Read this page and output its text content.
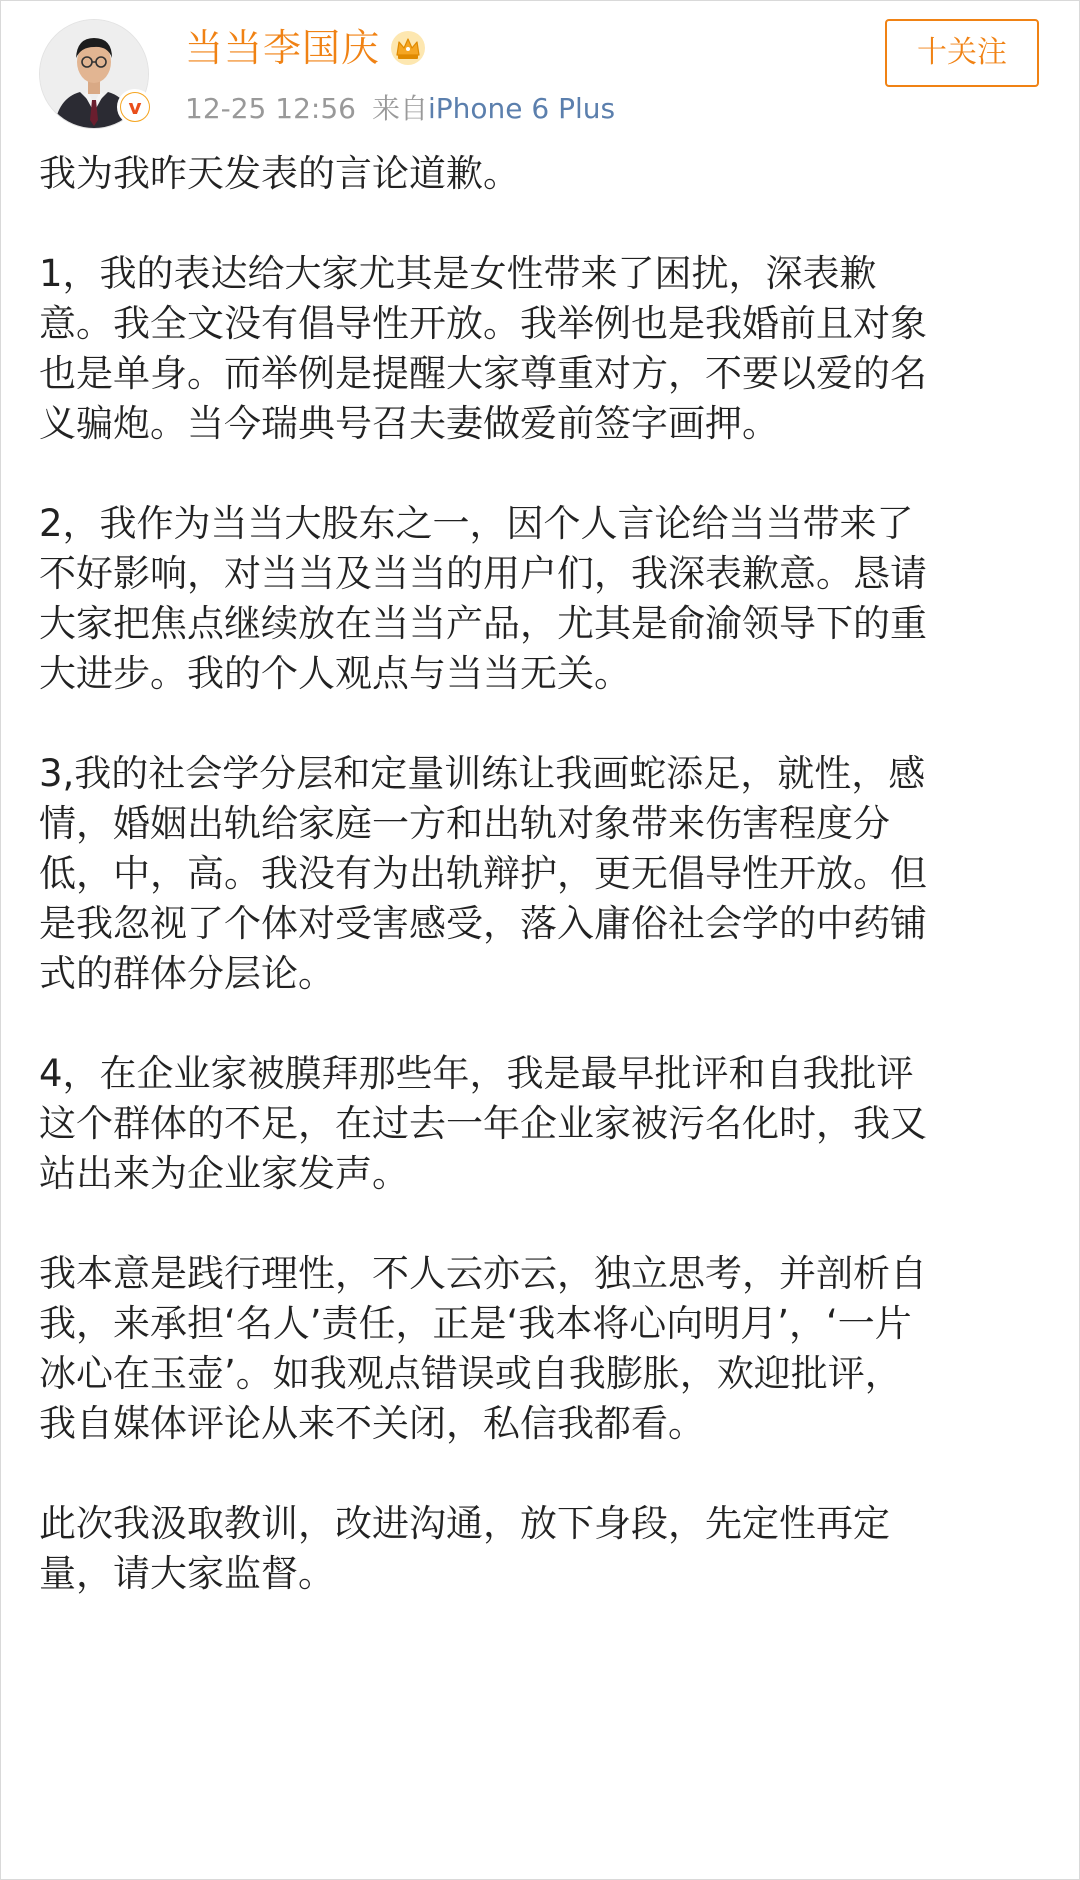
v
当当李国庆
12-25 12:56 来自iPhone 6 Plus
十关注

我为我昨天发表的言论道歉。

1，我的表达给大家尤其是女性带来了困扰，深表歉
意。我全文没有倡导性开放。我举例也是我婚前且对象
也是单身。而举例是提醒大家尊重对方，不要以爱的名
义骗炮。当今瑞典号召夫妻做爱前签字画押。

2，我作为当当大股东之一，因个人言论给当当带来了
不好影响，对当当及当当的用户们，我深表歉意。恳请
大家把焦点继续放在当当产品，尤其是俞渝领导下的重
大进步。我的个人观点与当当无关。

3,我的社会学分层和定量训练让我画蛇添足，就性，感
情，婚姻出轨给家庭一方和出轨对象带来伤害程度分
低，中，高。我没有为出轨辩护，更无倡导性开放。但
是我忽视了个体对受害感受，落入庸俗社会学的中药铺
式的群体分层论。

4，在企业家被膜拜那些年，我是最早批评和自我批评
这个群体的不足，在过去一年企业家被污名化时，我又
站出来为企业家发声。

我本意是践行理性，不人云亦云，独立思考，并剖析自
我，来承担‘名人’责任，正是‘我本将心向明月’，‘一片
冰心在玉壶’。如我观点错误或自我膨胀，欢迎批评，
我自媒体评论从来不关闭，私信我都看。

此次我汲取教训，改进沟通，放下身段，先定性再定
量，请大家监督。
